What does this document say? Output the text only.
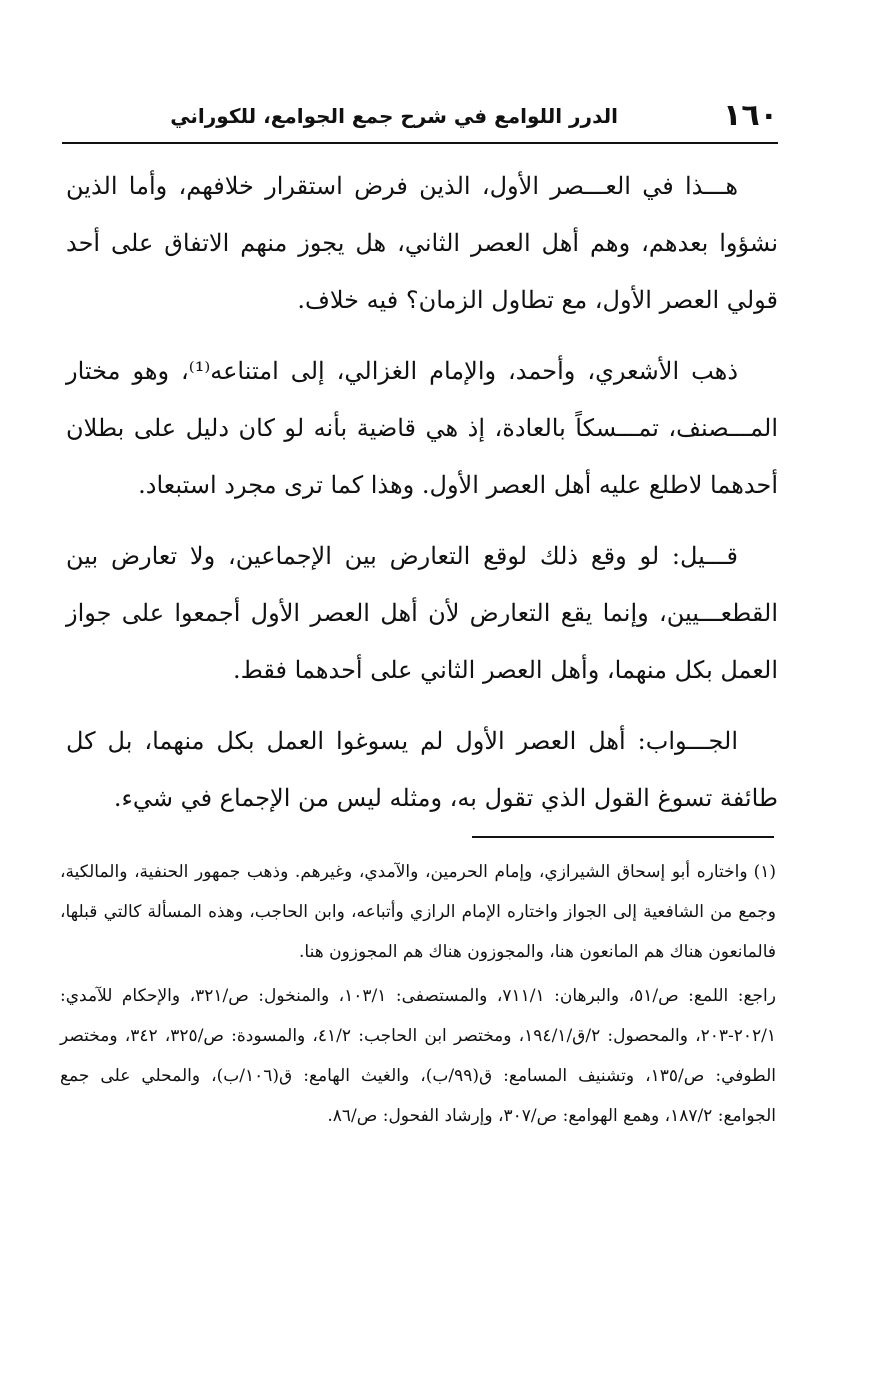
١٦٠
الدرر اللوامع في شرح جمع الجوامع، للكوراني

هـــذا في العـــصر الأول، الذين فرض استقرار خلافهم، وأما الذين نشؤوا بعدهم، وهم أهل العصر الثاني، هل يجوز منهم الاتفاق على أحد قولي العصر الأول، مع تطاول الزمان؟ فيه خلاف.

ذهب الأشعري، وأحمد، والإمام الغزالي، إلى امتناعه⁽¹⁾، وهو مختار المـــصنف، تمـــسكاً بالعادة، إذ هي قاضية بأنه لو كان دليل على بطلان أحدهما لاطلع عليه أهل العصر الأول. وهذا كما ترى مجرد استبعاد.

قـــيل: لو وقع ذلك لوقع التعارض بين الإجماعين، ولا تعارض بين القطعـــيين، وإنما يقع التعارض لأن أهل العصر الأول أجمعوا على جواز العمل بكل منهما، وأهل العصر الثاني على أحدهما فقط.

الجـــواب: أهل العصر الأول لم يسوغوا العمل بكل منهما، بل كل طائفة تسوغ القول الذي تقول به، ومثله ليس من الإجماع في شيء.

(١)واختاره أبو إسحاق الشيرازي، وإمام الحرمين، والآمدي، وغيرهم. وذهب جمهور الحنفية، والمالكية، وجمع من الشافعية إلى الجواز واختاره الإمام الرازي وأتباعه، وابن الحاجب، وهذه المسألة كالتي قبلها، فالمانعون هناك هم المانعون هنا، والمجوزون هناك هم المجوزون هنا.

راجع: اللمع: ص/٥١، والبرهان: ٧١١/١، والمستصفى: ١٠٣/١، والمنخول: ص/٣٢١، والإحكام للآمدي: ٢٠٢/١-٢٠٣، والمحصول: ٢/ق/١٩٤/١، ومختصر ابن الحاجب: ٤١/٢، والمسودة: ص/٣٢٥، ٣٤٢، ومختصر الطوفي: ص/١٣٥، وتشنيف المسامع: ق(٩٩/ب)، والغيث الهامع: ق(١٠٦/ب)، والمحلي على جمع الجوامع: ١٨٧/٢، وهمع الهوامع: ص/٣٠٧، وإرشاد الفحول: ص/٨٦.
